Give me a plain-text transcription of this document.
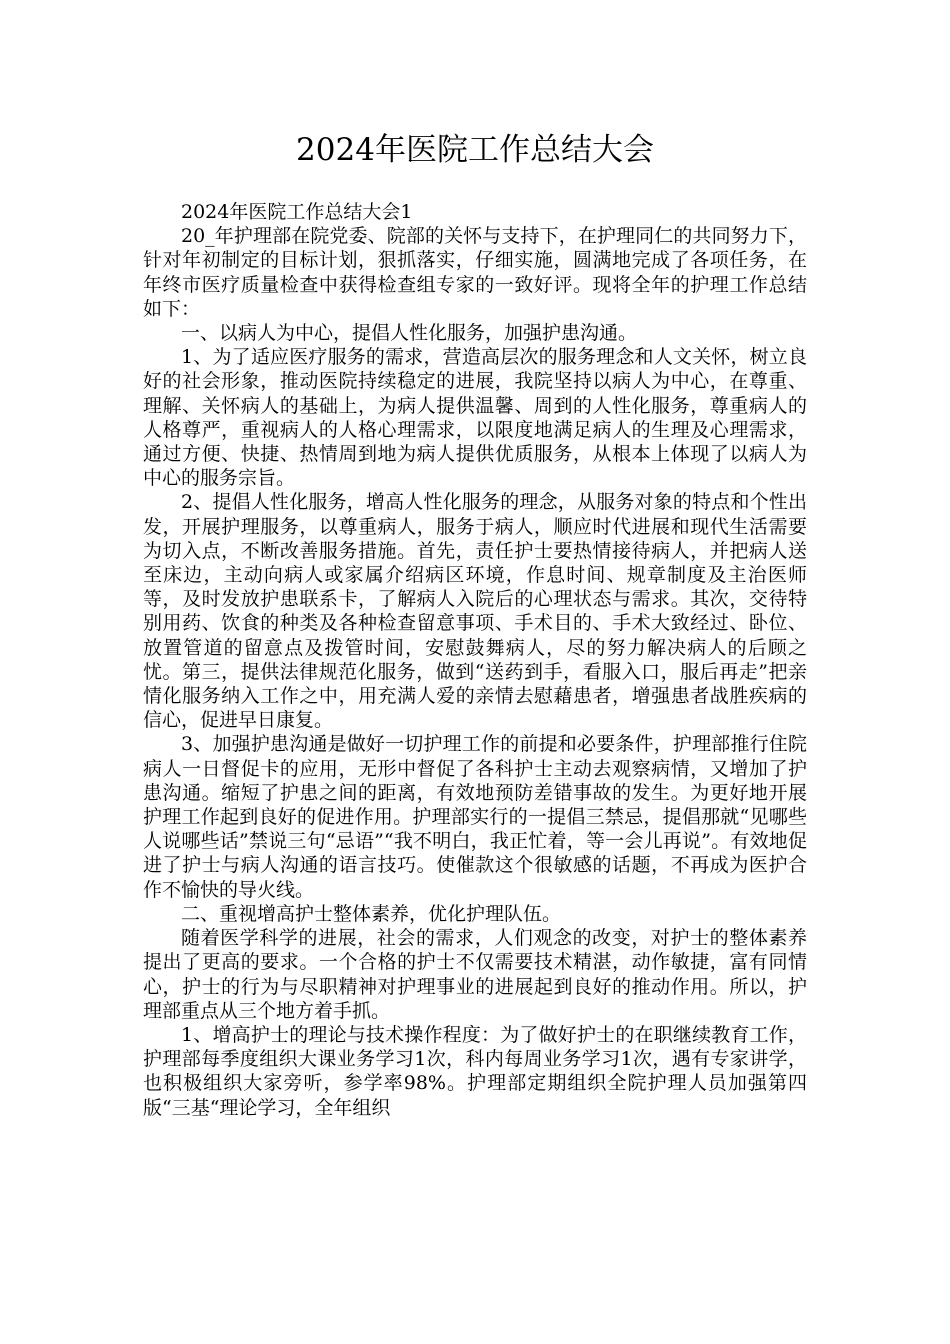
2024年医院工作总结大会

2024年医院工作总结大会1

20_年护理部在院党委、院部的关怀与支持下，在护理同仁的共同努力下，针对年初制定的目标计划，狠抓落实，仔细实施，圆满地完成了各项任务，在年终市医疗质量检查中获得检查组专家的一致好评。现将全年的护理工作总结如下：

一、以病人为中心，提倡人性化服务，加强护患沟通。

1、为了适应医疗服务的需求，营造高层次的服务理念和人文关怀，树立良好的社会形象，推动医院持续稳定的进展，我院坚持以病人为中心，在尊重、理解、关怀病人的基础上，为病人提供温馨、周到的人性化服务，尊重病人的人格尊严，重视病人的人格心理需求，以限度地满足病人的生理及心理需求，通过方便、快捷、热情周到地为病人提供优质服务，从根本上体现了以病人为中心的服务宗旨。

2、提倡人性化服务，增高人性化服务的理念，从服务对象的特点和个性出发，开展护理服务，以尊重病人，服务于病人，顺应时代进展和现代生活需要为切入点，不断改善服务措施。首先，责任护士要热情接待病人，并把病人送至床边，主动向病人或家属介绍病区环境，作息时间、规章制度及主治医师等，及时发放护患联系卡，了解病人入院后的心理状态与需求。其次，交待特别用药、饮食的种类及各种检查留意事项、手术目的、手术大致经过、卧位、放置管道的留意点及拨管时间，安慰鼓舞病人，尽的努力解决病人的后顾之忧。第三，提供法律规范化服务，做到“送药到手，看服入口，服后再走”把亲情化服务纳入工作之中，用充满人爱的亲情去慰藉患者，增强患者战胜疾病的信心，促进早日康复。

3、加强护患沟通是做好一切护理工作的前提和必要条件，护理部推行住院病人一日督促卡的应用，无形中督促了各科护士主动去观察病情，又增加了护患沟通。缩短了护患之间的距离，有效地预防差错事故的发生。为更好地开展护理工作起到良好的促进作用。护理部实行的一提倡三禁忌，提倡那就“见哪些人说哪些话”禁说三句“忌语”“我不明白，我正忙着，等一会儿再说”。有效地促进了护士与病人沟通的语言技巧。使催款这个很敏感的话题，不再成为医护合作不愉快的导火线。

二、重视增高护士整体素养，优化护理队伍。

随着医学科学的进展，社会的需求，人们观念的改变，对护士的整体素养提出了更高的要求。一个合格的护士不仅需要技术精湛，动作敏捷，富有同情心，护士的行为与尽职精神对护理事业的进展起到良好的推动作用。所以，护理部重点从三个地方着手抓。

1、增高护士的理论与技术操作程度：为了做好护士的在职继续教育工作，护理部每季度组织大课业务学习1次，科内每周业务学习1次，遇有专家讲学，也积极组织大家旁听，参学率98%。护理部定期组织全院护理人员加强第四版“三基“理论学习，全年组织
